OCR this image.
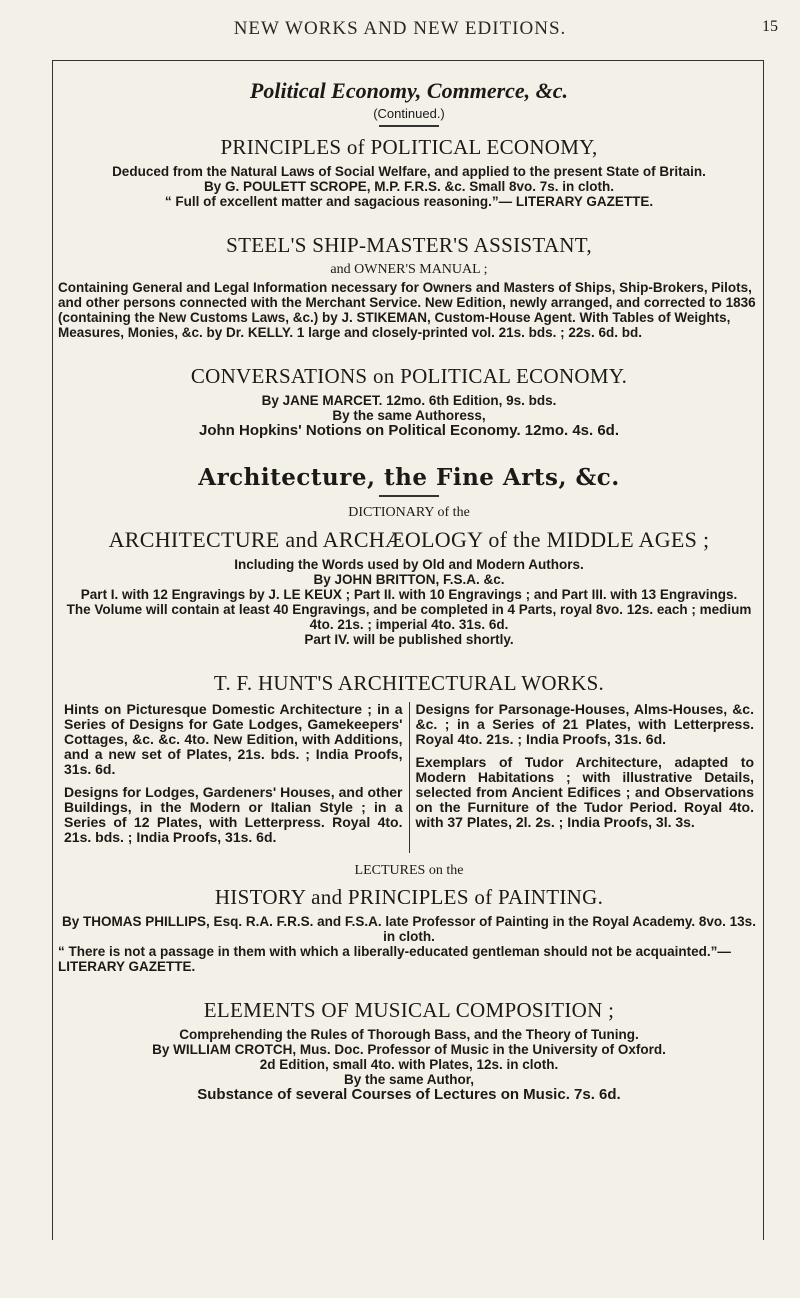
NEW WORKS AND NEW EDITIONS.	15

Political Economy, Commerce, &c.

(Continued.)

PRINCIPLES of POLITICAL ECONOMY,

Deduced from the Natural Laws of Social Welfare, and applied to the present State of Britain.

By G. POULETT SCROPE, M.P. F.R.S. &c. Small 8vo. 7s. in cloth.

“ Full of excellent matter and sagacious reasoning.”— LITERARY GAZETTE.

STEEL'S SHIP-MASTER'S ASSISTANT,

and OWNER'S MANUAL ;

Containing General and Legal Information necessary for Owners and Masters of Ships, Ship-Brokers, Pilots, and other persons connected with the Merchant Service. New Edition, newly arranged, and corrected to 1836 (containing the New Customs Laws, &c.) by J. STIKEMAN, Custom-House Agent. With Tables of Weights, Measures, Monies, &c. by Dr. KELLY. 1 large and closely-printed vol. 21s. bds. ; 22s. 6d. bd.

CONVERSATIONS on POLITICAL ECONOMY.

By JANE MARCET. 12mo. 6th Edition, 9s. bds.

By the same Authoress,

John Hopkins' Notions on Political Economy. 12mo. 4s. 6d.

Architecture, the Fine Arts, &c.

DICTIONARY of the

ARCHITECTURE and ARCHÆOLOGY of the MIDDLE AGES ;

Including the Words used by Old and Modern Authors.

By JOHN BRITTON, F.S.A. &c.

Part I. with 12 Engravings by J. LE KEUX ; Part II. with 10 Engravings ; and Part III. with 13 Engravings.

The Volume will contain at least 40 Engravings, and be completed in 4 Parts, royal 8vo. 12s. each ; medium 4to. 21s. ; imperial 4to. 31s. 6d.

Part IV. will be published shortly.

T. F. HUNT'S ARCHITECTURAL WORKS.

Hints on Picturesque Domestic Architecture ; in a Series of Designs for Gate Lodges, Gamekeepers' Cottages, &c. &c. 4to. New Edition, with Additions, and a new set of Plates, 21s. bds. ; India Proofs, 31s. 6d.

Designs for Lodges, Gardeners' Houses, and other Buildings, in the Modern or Italian Style ; in a Series of 12 Plates, with Letterpress. Royal 4to. 21s. bds. ; India Proofs, 31s. 6d.

Designs for Parsonage-Houses, Alms-Houses, &c. &c. ; in a Series of 21 Plates, with Letterpress. Royal 4to. 21s. ; India Proofs, 31s. 6d.

Exemplars of Tudor Architecture, adapted to Modern Habitations ; with illustrative Details, selected from Ancient Edifices ; and Observations on the Furniture of the Tudor Period. Royal 4to. with 37 Plates, 2l. 2s. ; India Proofs, 3l. 3s.

LECTURES on the

HISTORY and PRINCIPLES of PAINTING.

By THOMAS PHILLIPS, Esq. R.A. F.R.S. and F.S.A. late Professor of Painting in the Royal Academy. 8vo. 13s. in cloth.

“ There is not a passage in them with which a liberally-educated gentleman should not be acquainted.”—LITERARY GAZETTE.

ELEMENTS OF MUSICAL COMPOSITION ;

Comprehending the Rules of Thorough Bass, and the Theory of Tuning.

By WILLIAM CROTCH, Mus. Doc. Professor of Music in the University of Oxford.

2d Edition, small 4to. with Plates, 12s. in cloth.

By the same Author,

Substance of several Courses of Lectures on Music. 7s. 6d.
